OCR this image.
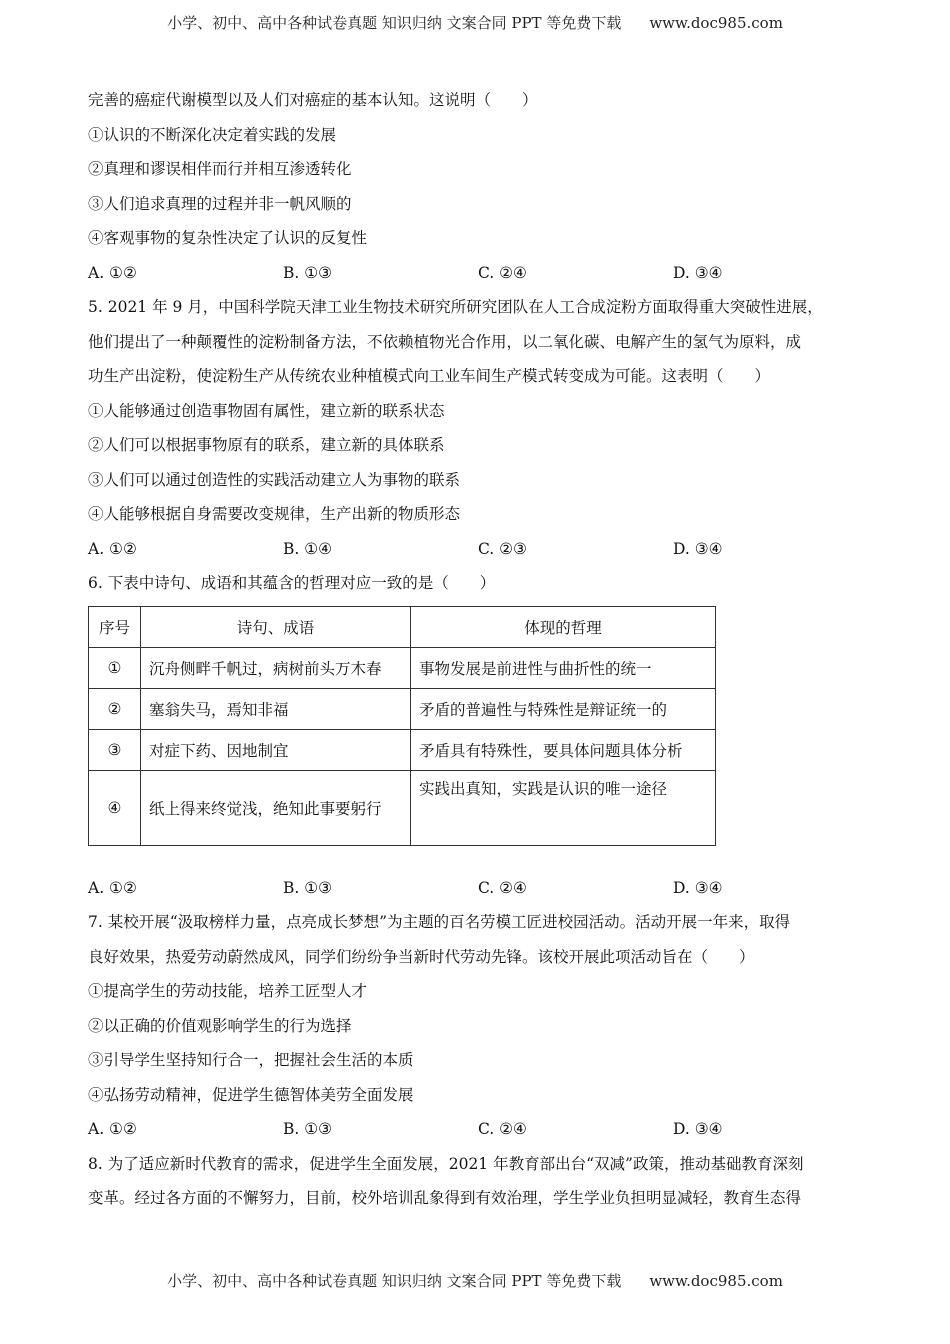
小学、初中、高中各种试卷真题 知识归纳 文案合同 PPT 等免费下载 www.doc985.com
完善的癌症代谢模型以及人们对癌症的基本认知。这说明（　　）
①认识的不断深化决定着实践的发展
②真理和谬误相伴而行并相互渗透转化
③人们追求真理的过程并非一帆风顺的
④客观事物的复杂性决定了认识的反复性
A. ①②	B. ①③	C. ②④	D. ③④
5. 2021 年 9 月，中国科学院天津工业生物技术研究所研究团队在人工合成淀粉方面取得重大突破性进展，
他们提出了一种颠覆性的淀粉制备方法，不依赖植物光合作用，以二氧化碳、电解产生的氢气为原料，成
功生产出淀粉，使淀粉生产从传统农业种植模式向工业车间生产模式转变成为可能。这表明（　　）
①人能够通过创造事物固有属性，建立新的联系状态
②人们可以根据事物原有的联系，建立新的具体联系
③人们可以通过创造性的实践活动建立人为事物的联系
④人能够根据自身需要改变规律，生产出新的物质形态
A. ①②	B. ①④	C. ②③	D. ③④
6. 下表中诗句、成语和其蕴含的哲理对应一致的是（　　）
序号	诗句、成语	体现的哲理
①	沉舟侧畔千帆过，病树前头万木春	事物发展是前进性与曲折性的统一
②	塞翁失马，焉知非福	矛盾的普遍性与特殊性是辩证统一的
③	对症下药、因地制宜	矛盾具有特殊性，要具体问题具体分析
④	纸上得来终觉浅，绝知此事要躬行	实践出真知，实践是认识的唯一途径
A. ①②	B. ①③	C. ②④	D. ③④
7. 某校开展“汲取榜样力量，点亮成长梦想”为主题的百名劳模工匠进校园活动。活动开展一年来，取得
良好效果，热爱劳动蔚然成风，同学们纷纷争当新时代劳动先锋。该校开展此项活动旨在（　　）
①提高学生的劳动技能，培养工匠型人才
②以正确的价值观影响学生的行为选择
③引导学生坚持知行合一，把握社会生活的本质
④弘扬劳动精神，促进学生德智体美劳全面发展
A. ①②	B. ①③	C. ②④	D. ③④
8. 为了适应新时代教育的需求，促进学生全面发展，2021 年教育部出台“双减”政策，推动基础教育深刻
变革。经过各方面的不懈努力，目前，校外培训乱象得到有效治理，学生学业负担明显减轻，教育生态得
小学、初中、高中各种试卷真题 知识归纳 文案合同 PPT 等免费下载 www.doc985.com
